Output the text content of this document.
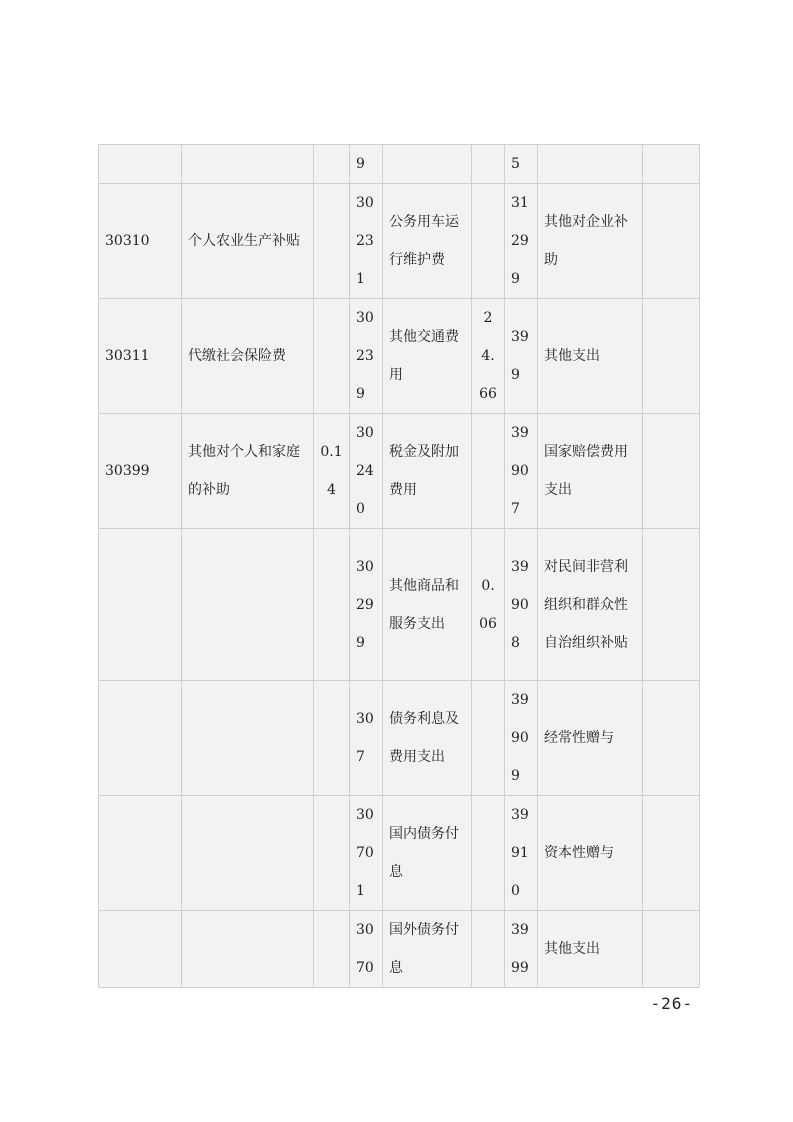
			9			5		
30310	个人农业生产补贴		30231	公务用车运行维护费		31299	其他对企业补助	
30311	代缴社会保险费		30239	其他交通费用	24.66	399	其他支出	
30399	其他对个人和家庭的补助	0.14	30240	税金及附加费用		39907	国家赔偿费用支出	
			30299	其他商品和服务支出	0.06	39908	对民间非营利组织和群众性自治组织补贴	
			307	债务利息及费用支出		39909	经常性赠与	
			30701	国内债务付息		39910	资本性赠与	
			3070	国外债务付息		3999	其他支出	
-26-
